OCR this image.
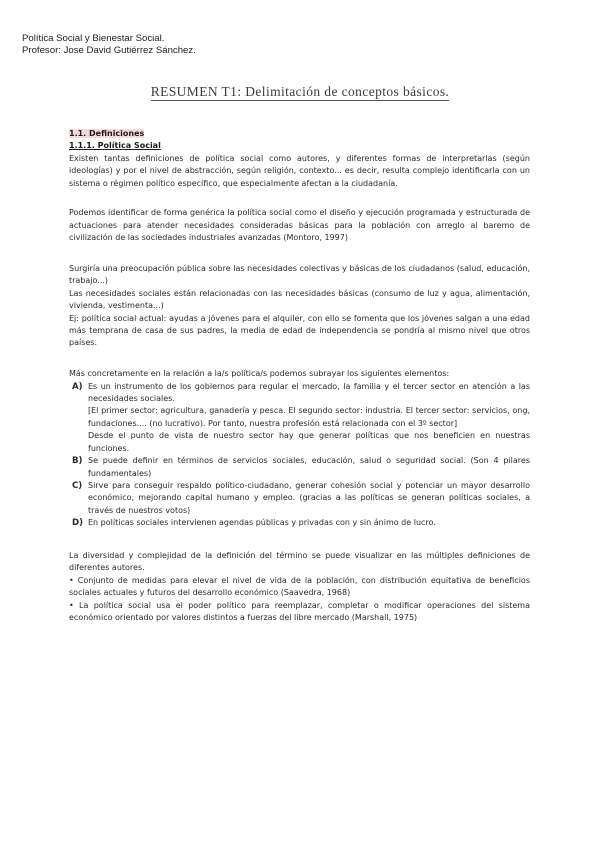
Política Social y Bienestar Social.
Profesor: Jose David Gutiérrez Sánchez.
RESUMEN T1: Delimitación de conceptos básicos.
1.1. Definiciones
1.1.1. Política Social

Existen tantas definiciones de política social como autores, y diferentes formas de interpretarlas (según ideologías) y por el nivel de abstracción, según religión, contexto... es decir, resulta complejo identificarla con un sistema o régimen político específico, que especialmente afectan a la ciudadanía.

Podemos identificar de forma genérica la política social como el diseño y ejecución programada y estructurada de actuaciones para atender necesidades consideradas básicas para la población con arreglo al baremo de civilización de las sociedades industriales avanzadas (Montoro, 1997)

Surgiría una preocupación pública sobre las necesidades colectivas y básicas de los ciudadanos (salud, educación, trabajo...)

Las necesidades sociales están relacionadas con las necesidades básicas (consumo de luz y agua, alimentación, vivienda, vestimenta...)

Ej: política social actual: ayudas a jóvenes para el alquiler, con ello se fomenta que los jóvenes salgan a una edad más temprana de casa de sus padres, la media de edad de independencia se pondría al mismo nivel que otros países.

Más concretamente en la relación a la/s política/s podemos subrayar los siguientes elementos:

A) Es un instrumento de los gobiernos para regular el mercado, la familia y el tercer sector en atención a las necesidades sociales.
[El primer sector: agricultura, ganadería y pesca. El segundo sector: industria. El tercer sector: servicios, ong, fundaciones.... (no lucrativo). Por tanto, nuestra profesión está relacionada con el 3º sector]
Desde el punto de vista de nuestro sector hay que generar políticas que nos beneficien en nuestras funciones.
B) Se puede definir en términos de servicios sociales, educación, salud o seguridad social. (Son 4 pilares fundamentales)
C) Sirve para conseguir respaldo político-ciudadano, generar cohesión social y potenciar un mayor desarrollo económico, mejorando capital humano y empleo. (gracias a las políticas se generan políticas sociales, a través de nuestros votos)
D) En políticas sociales intervienen agendas públicas y privadas con y sin ánimo de lucro.

La diversidad y complejidad de la definición del término se puede visualizar en las múltiples definiciones de diferentes autores.

• Conjunto de medidas para elevar el nivel de vida de la población, con distribución equitativa de beneficios sociales actuales y futuros del desarrollo económico (Saavedra, 1968)

• La política social usa el poder político para reemplazar, completar o modificar operaciones del sistema económico orientado por valores distintos a fuerzas del libre mercado (Marshall, 1975)
